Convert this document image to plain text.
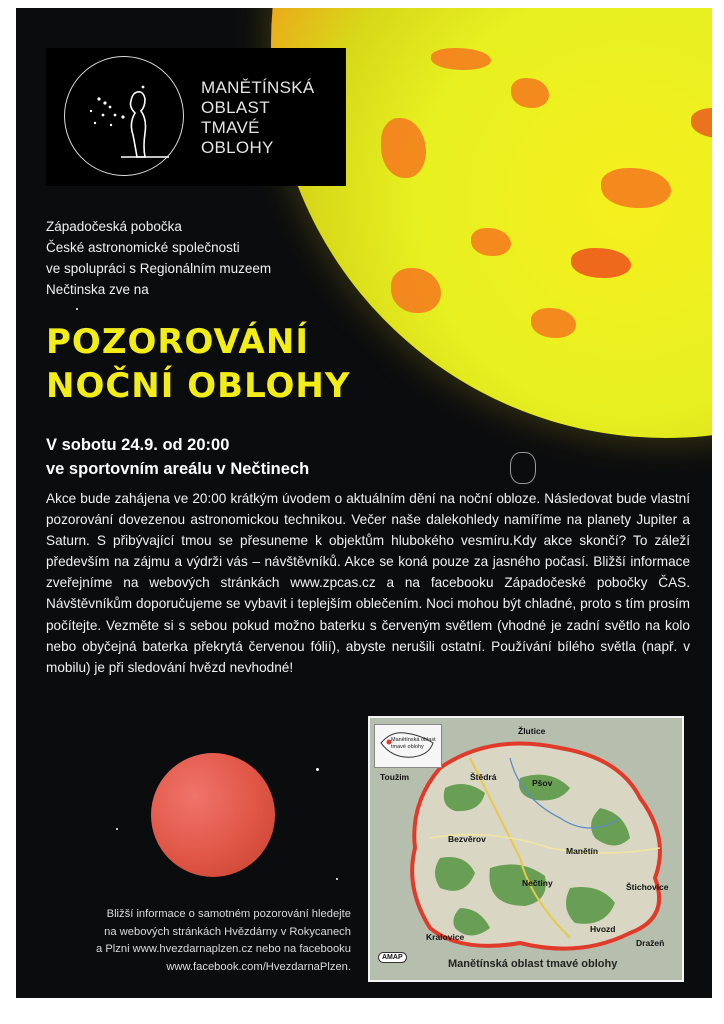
MANĚTÍNSKÁ
OBLAST
TMAVÉ
OBLOHY
Západočeská pobočka
České astronomické společnosti
ve spolupráci s Regionálním muzeem
Nečtinska zve na
POZOROVÁNÍ
NOČNÍ OBLOHY
V sobotu 24.9. od 20:00
ve sportovním areálu v Nečtinech
Akce bude zahájena ve 20:00 krátkým úvodem o aktuálním dění na noční obloze. Následovat bude vlastní pozorování dovezenou astronomickou technikou. Večer naše dalekohledy namíříme na planety Jupiter a Saturn. S přibývající tmou se přesuneme k objektům hlubokého vesmíru.Kdy akce skončí? To záleží především na zájmu a výdrži vás – návštěvníků. Akce se koná pouze za jasného počasí. Bližší informace zveřejníme na webových stránkách www.zpcas.cz a na facebooku Západočeské pobočky ČAS. Návštěvníkům doporučujeme se vybavit i teplejším oblečením. Noci mohou být chladné, proto s tím prosím počítejte. Vezměte si s sebou pokud možno baterku s červeným světlem (vhodné je zadní světlo na kolo nebo obyčejná baterka překrytá červenou fólií), abyste nerušili ostatní. Používání bílého světla (např. v mobilu) je při sledování hvězd nevhodné!
Manětínská oblast tmavé oblohy
Žlutice
Toužim	Štědrá
Pšov
Bezvěrov
Manětín
Nečtiny	Štichovice
Hvozd
Dražeň
Kralovice
AMAP
Manětínská oblast tmavé oblohy
Bližší informace o samotném pozorování hledejte
na webových stránkách Hvězdárny v Rokycanech
a Plzni www.hvezdarnaplzen.cz nebo na facebooku
www.facebook.com/HvezdarnaPlzen.
